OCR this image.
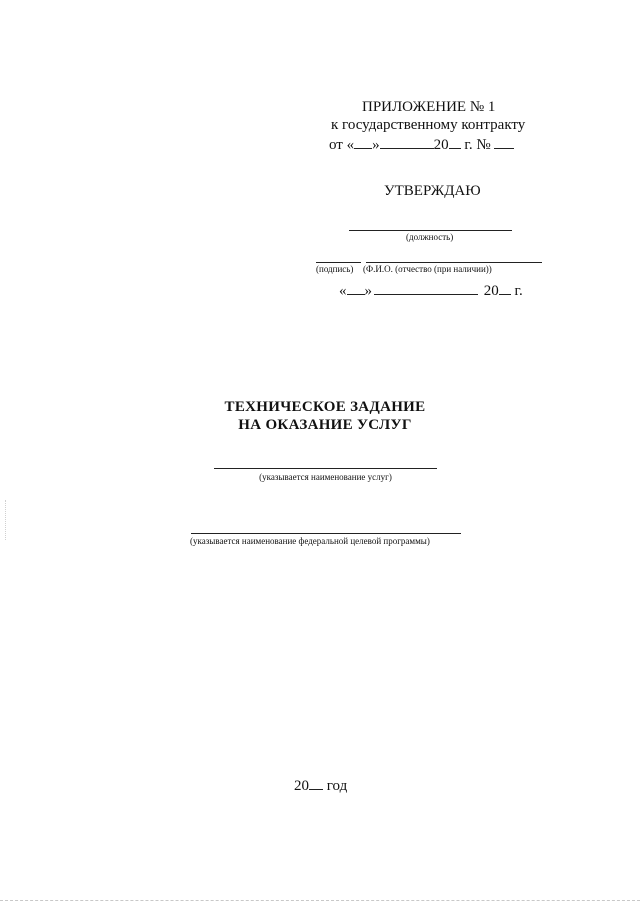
ПРИЛОЖЕНИЕ № 1
к государственному контракту
от « »	20 г. №
УТВЕРЖДАЮ
(должность)
(подпись) (Ф.И.О. (отчество (при наличии))
« »	20 г.
ТЕХНИЧЕСКОЕ ЗАДАНИЕ
НА ОКАЗАНИЕ УСЛУГ
(указывается наименование услуг)
(указывается наименование федеральной целевой программы)
20 год
